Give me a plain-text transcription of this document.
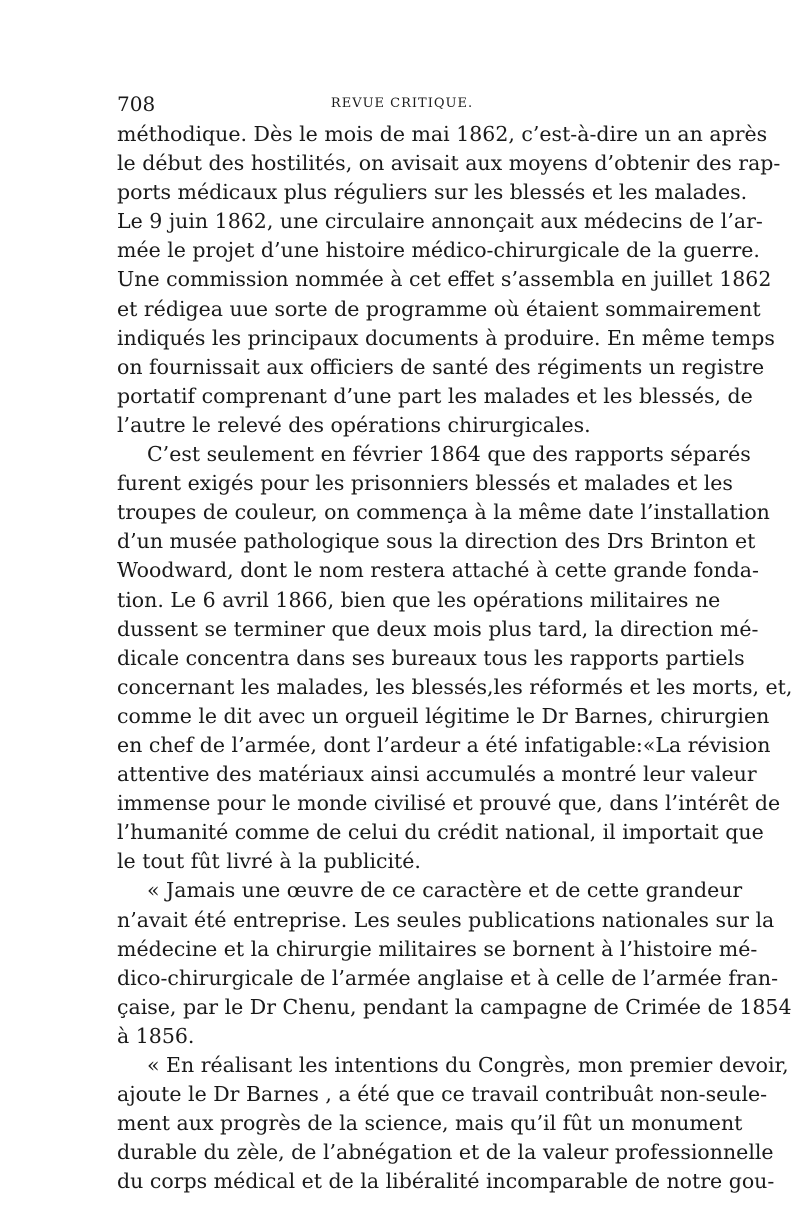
708	REVUE CRITIQUE.
méthodique. Dès le mois de mai 1862, c’est-à-dire un an après
le début des hostilités, on avisait aux moyens d’obtenir des rap-
ports médicaux plus réguliers sur les blessés et les malades.
Le 9 juin 1862, une circulaire annonçait aux médecins de l’ar-
mée le projet d’une histoire médico-chirurgicale de la guerre.
Une commission nommée à cet effet s’assembla en juillet 1862
et rédigea uue sorte de programme où étaient sommairement
indiqués les principaux documents à produire. En même temps
on fournissait aux officiers de santé des régiments un registre
portatif comprenant d’une part les malades et les blessés, de
l’autre le relevé des opérations chirurgicales.
C’est seulement en février 1864 que des rapports séparés
furent exigés pour les prisonniers blessés et malades et les
troupes de couleur, on commença à la même date l’installation
d’un musée pathologique sous la direction des Drs Brinton et
Woodward, dont le nom restera attaché à cette grande fonda-
tion. Le 6 avril 1866, bien que les opérations militaires ne
dussent se terminer que deux mois plus tard, la direction mé-
dicale concentra dans ses bureaux tous les rapports partiels
concernant les malades, les blessés,les réformés et les morts, et,
comme le dit avec un orgueil légitime le Dr Barnes, chirurgien
en chef de l’armée, dont l’ardeur a été infatigable:«La révision
attentive des matériaux ainsi accumulés a montré leur valeur
immense pour le monde civilisé et prouvé que, dans l’intérêt de
l’humanité comme de celui du crédit national, il importait que
le tout fût livré à la publicité.
« Jamais une œuvre de ce caractère et de cette grandeur
n’avait été entreprise. Les seules publications nationales sur la
médecine et la chirurgie militaires se bornent à l’histoire mé-
dico-chirurgicale de l’armée anglaise et à celle de l’armée fran-
çaise, par le Dr Chenu, pendant la campagne de Crimée de 1854
à 1856.
« En réalisant les intentions du Congrès, mon premier devoir,
ajoute le Dr Barnes , a été que ce travail contribuât non-seule-
ment aux progrès de la science, mais qu’il fût un monument
durable du zèle, de l’abnégation et de la valeur professionnelle
du corps médical et de la libéralité incomparable de notre gou-
